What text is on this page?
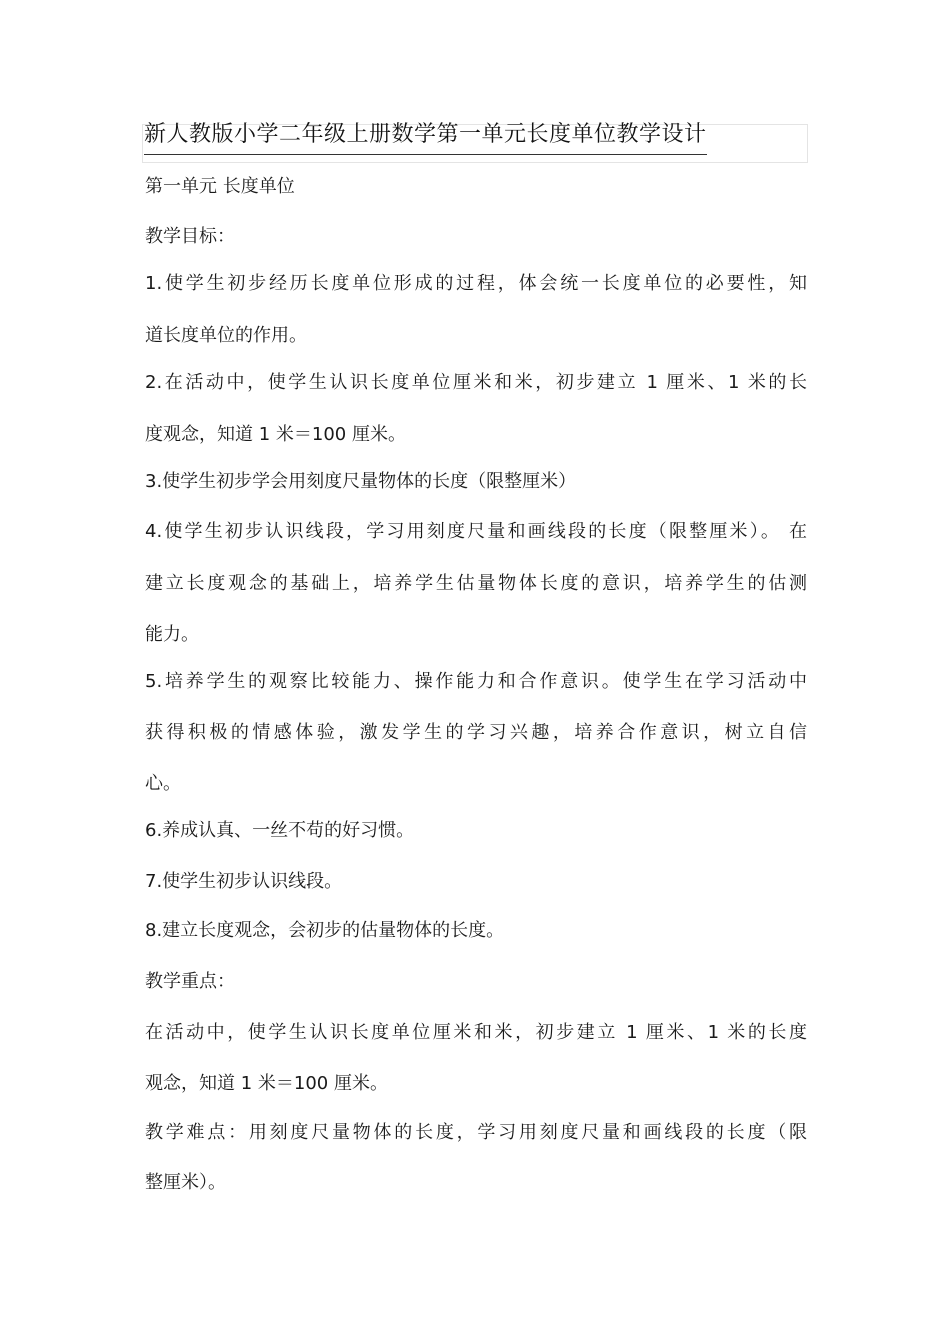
新人教版小学二年级上册数学第一单元长度单位教学设计
第一单元 长度单位
教学目标：
1.使学生初步经历长度单位形成的过程，体会统一长度单位的必要性，知
道长度单位的作用。
2.在活动中，使学生认识长度单位厘米和米，初步建立 1 厘米、1 米的长
度观念，知道 1 米＝100 厘米。
3.使学生初步学会用刻度尺量物体的长度（限整厘米）
4.使学生初步认识线段，学习用刻度尺量和画线段的长度（限整厘米）。 在
建立长度观念的基础上，培养学生估量物体长度的意识，培养学生的估测
能力。
5.培养学生的观察比较能力、操作能力和合作意识。使学生在学习活动中
获得积极的情感体验，激发学生的学习兴趣，培养合作意识，树立自信
心。
6.养成认真、一丝不苟的好习惯。
7.使学生初步认识线段。
8.建立长度观念，会初步的估量物体的长度。
教学重点：
在活动中，使学生认识长度单位厘米和米，初步建立 1 厘米、1 米的长度
观念，知道 1 米＝100 厘米。
教学难点：用刻度尺量物体的长度，学习用刻度尺量和画线段的长度（限
整厘米）。
